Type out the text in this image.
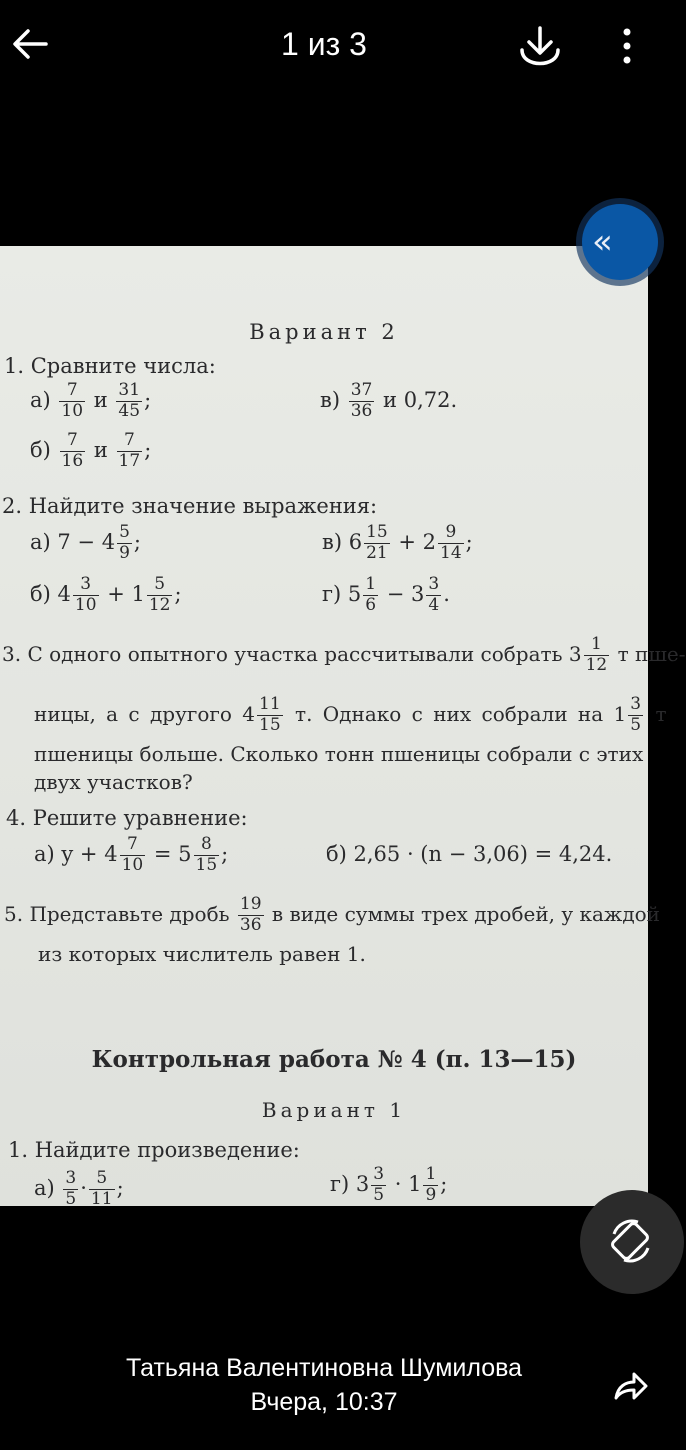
1 из 3
Вариант 2
1. Сравните числа:
$а) \frac{7}{10}$ и $\frac{31}{45}$ ;	$в) \frac{37}{36}$ и 0,72.
$б) \frac{7}{16}$ и $\frac{7}{17}$ ;
2. Найдите значение выражения:
а) $7 - 4 \frac{5}{9}$ ;	в) $6 \frac{15}{21} + 2 \frac{9}{14}$ ;
б) $4 \frac{3}{10} + 1 \frac{5}{12}$ ;	г) $5 \frac{1}{6} - 3 \frac{3}{4}$ .
3. С одного опытного участка рассчитывали собрать $3 \frac{1}{12}$ т пше-
ницы, а с другого $4 \frac{11}{15} т$. Однако с них собрали на $1 \frac{3}{5}$ т
пшеницы больше. Сколько тонн пшеницы собрали с этих
двух участков?
4. Решите уравнение:
а) $y + 4 \frac{7}{10} = 5 \frac{8}{15}$ ;	б) 2,65 · (n − 3,06) = 4,24.
5. Представьте дробь $\frac{19}{36}$ в виде суммы трех дробей, у каждой
из которых числитель равен 1.
Контрольная работа № 4 (п. 13—15)
Вариант 1
1. Найдите произведение:
$а) \frac{3}{5} \cdot \frac{5}{11}$ ;	г) $3 \frac{3}{5} \cdot 1 \frac{1}{9}$ ;
«
Татьяна Валентиновна Шумилова
Вчера, 10:37
